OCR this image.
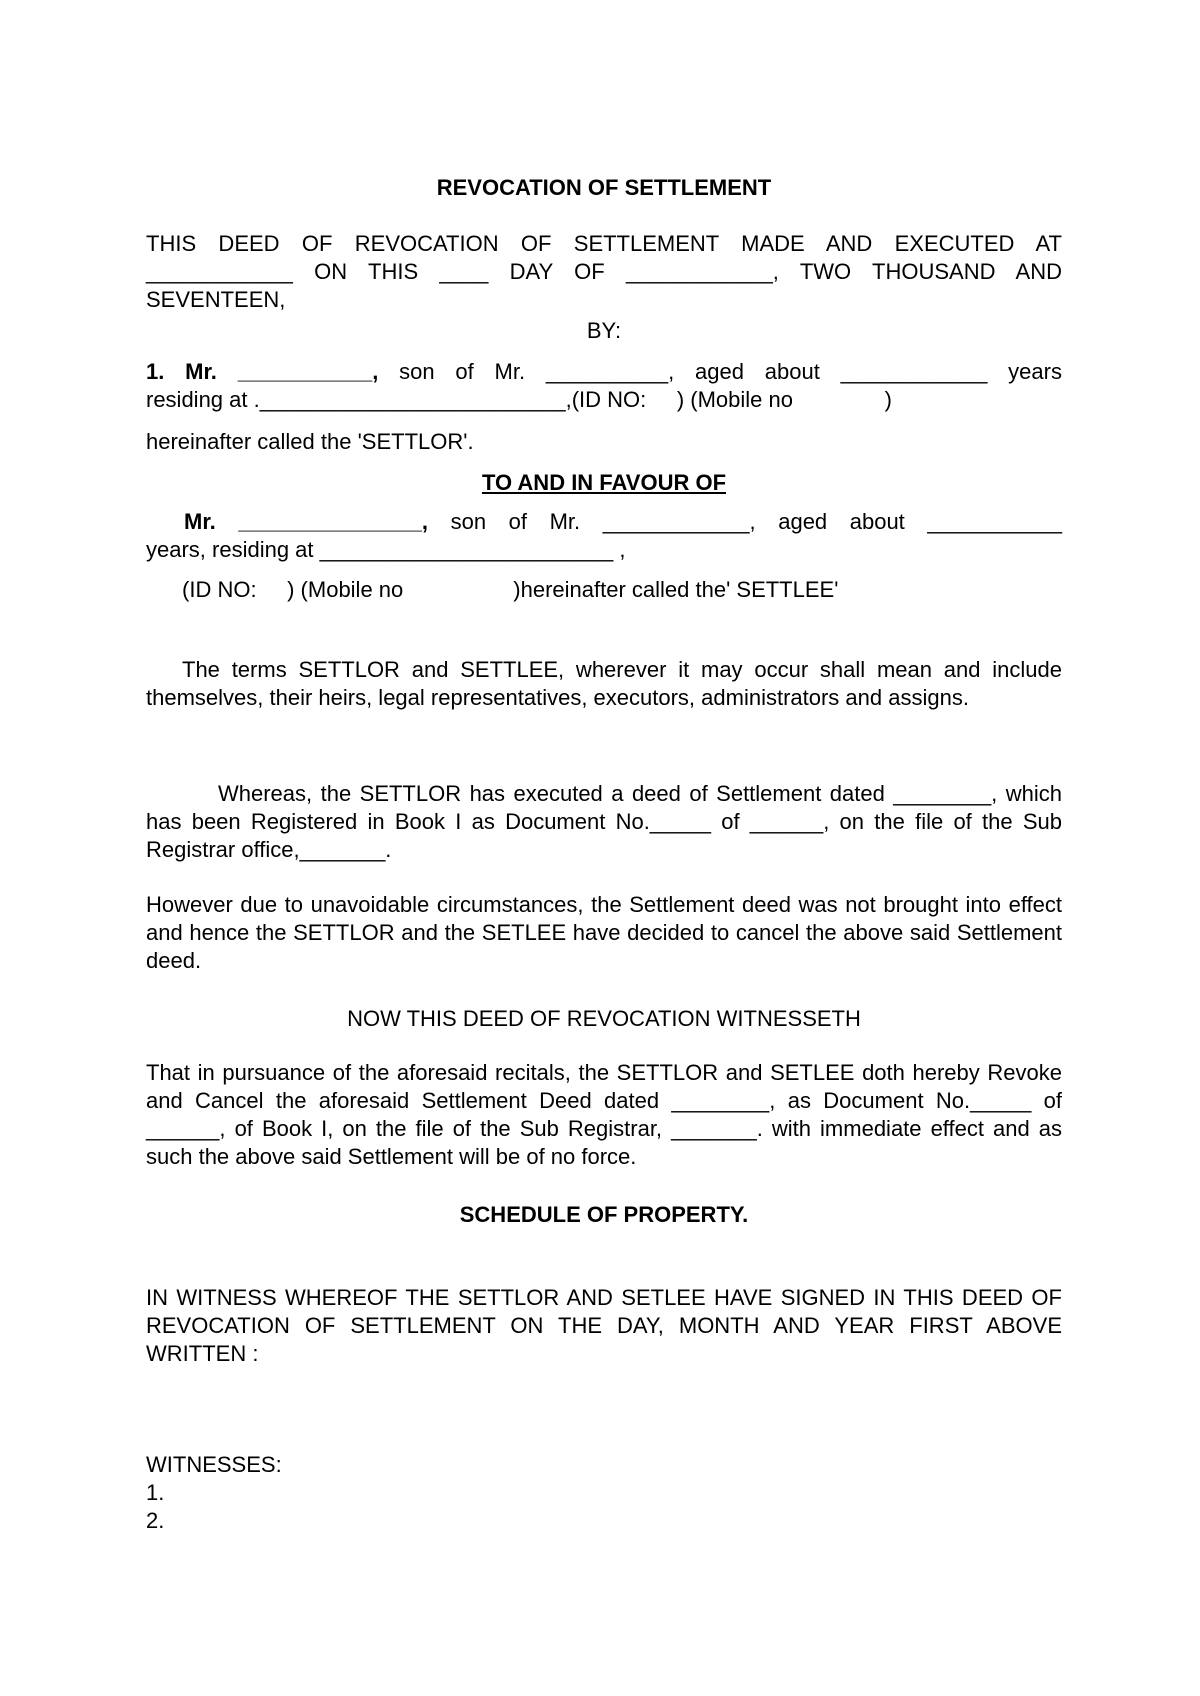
REVOCATION OF SETTLEMENT
THIS DEED OF REVOCATION OF SETTLEMENT MADE AND EXECUTED AT
____________ ON THIS ____ DAY OF ____________, TWO THOUSAND AND
SEVENTEEN,
BY:
1. Mr. ___________, son of Mr. __________, aged about ____________ years
residing at ._________________________,(ID NO:     ) (Mobile no               )
hereinafter called the 'SETTLOR'.
TO AND IN FAVOUR OF
Mr. _______________, son of Mr. ____________, aged about ___________
years, residing at ________________________ ,
(ID NO:     ) (Mobile no                  )hereinafter called the' SETTLEE'

The terms SETTLOR and SETTLEE, wherever it may occur shall mean and include themselves, their heirs, legal representatives, executors, administrators and assigns.

Whereas, the SETTLOR has executed a deed of Settlement dated ________, which has been Registered in Book I as Document No._____ of ______, on the file of the Sub Registrar office,_______.

However due to unavoidable circumstances, the Settlement deed was not brought into effect and hence the SETTLOR and the SETLEE have decided to cancel the above said Settlement deed.

NOW THIS DEED OF REVOCATION WITNESSETH

That in pursuance of the aforesaid recitals, the SETTLOR and SETLEE doth hereby Revoke and Cancel the aforesaid Settlement Deed dated ________, as Document No._____ of ______, of Book I, on the file of the Sub Registrar, _______. with immediate effect and as such the above said Settlement will be of no force.

SCHEDULE OF PROPERTY.

IN WITNESS WHEREOF THE SETTLOR AND SETLEE HAVE SIGNED IN THIS DEED OF REVOCATION OF SETTLEMENT ON THE DAY, MONTH AND YEAR FIRST ABOVE WRITTEN :

WITNESSES:
1.
2.
